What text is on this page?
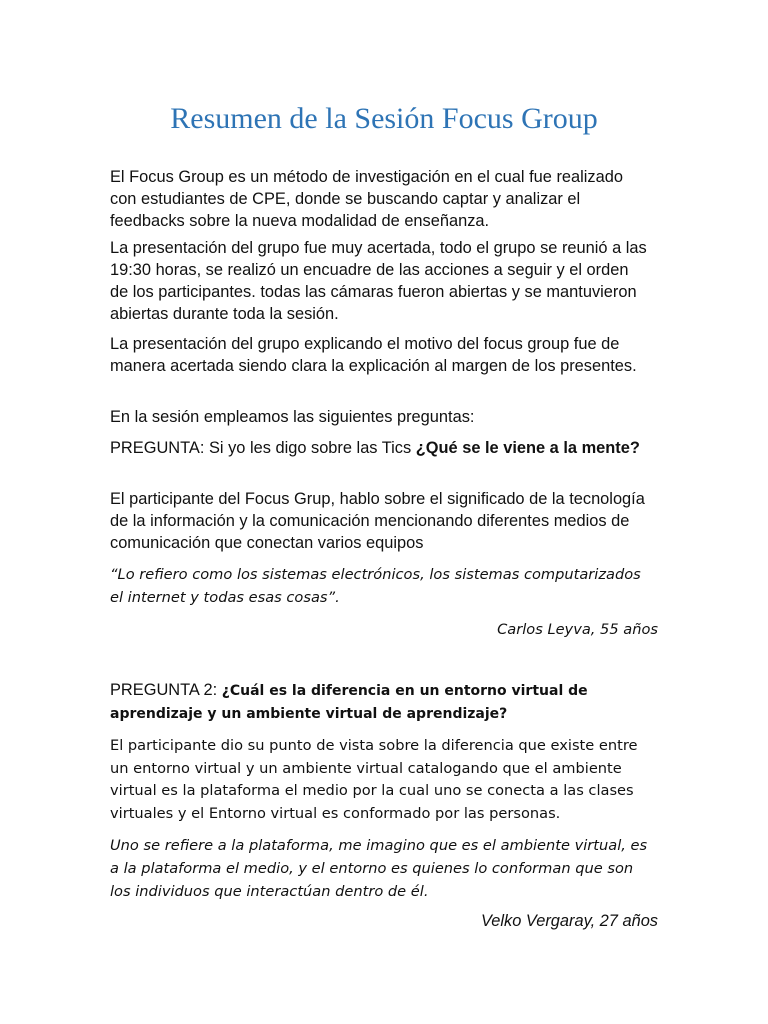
Resumen de la Sesión Focus Group

El Focus Group es un método de investigación en el cual fue realizado con estudiantes de CPE, donde se buscando captar y analizar el feedbacks sobre la nueva modalidad de enseñanza.

La presentación del grupo fue muy acertada, todo el grupo se reunió a las 19:30 horas, se realizó un encuadre de las acciones a seguir y el orden de los participantes. todas las cámaras fueron abiertas y se mantuvieron abiertas durante toda la sesión.

La presentación del grupo explicando el motivo del focus group fue de manera acertada siendo clara la explicación al margen de los presentes.

En la sesión empleamos las siguientes preguntas:

PREGUNTA: Si yo les digo sobre las Tics ¿Qué se le viene a la mente?

El participante del Focus Grup, hablo sobre el significado de la tecnología de la información y la comunicación mencionando diferentes medios de comunicación que conectan varios equipos

“Lo refiero como los sistemas electrónicos, los sistemas computarizados el internet y todas esas cosas”.

Carlos Leyva, 55 años

PREGUNTA 2: ¿Cuál es la diferencia en un entorno virtual de aprendizaje y un ambiente virtual de aprendizaje?

El participante dio su punto de vista sobre la diferencia que existe entre un entorno virtual y un ambiente virtual catalogando que el ambiente virtual es la plataforma el medio por la cual uno se conecta a las clases virtuales y el Entorno virtual es conformado por las personas.

Uno se refiere a la plataforma, me imagino que es el ambiente virtual, es a la plataforma el medio, y el entorno es quienes lo conforman que son los individuos que interactúan dentro de él.

Velko Vergaray, 27 años
